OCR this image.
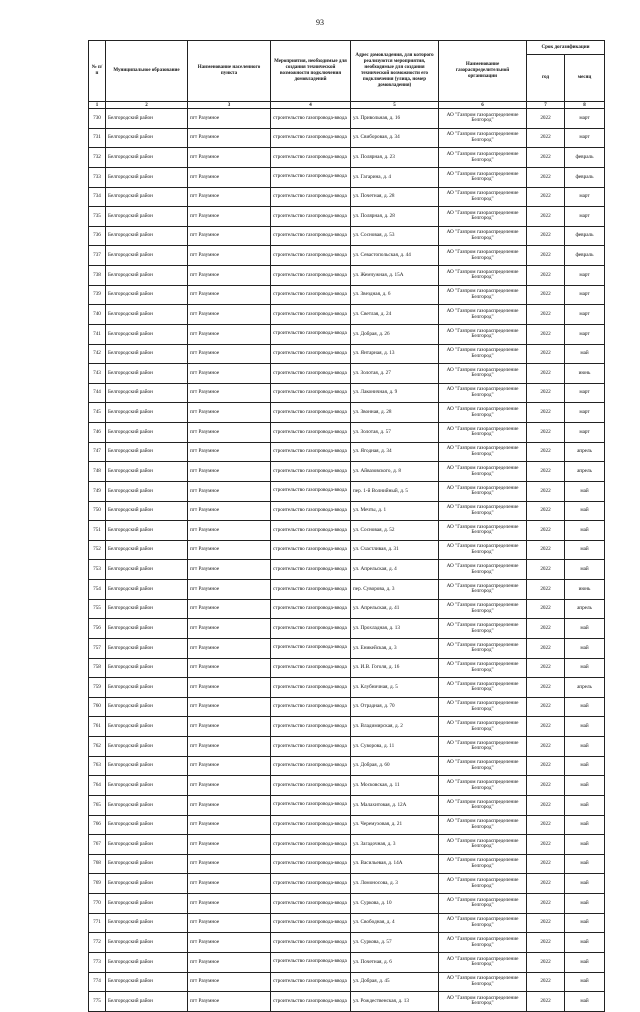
93
№ п/п	Муниципальное образование	Наименование населенного пункта	Мероприятия, необходимые для создания технической возможности подключения домовладений	Адрес домовладения, для которого реализуются мероприятия, необходимые для создания технической возможности его подключения (улица, номер домовладения)	Наименование газораспределительной организации	Срок догазификации	
						год	месяц
1	2	3	4	5	6	7	8
730	Белгородский район	пгт Разумное	строительство газопровода-ввода	ул. Привольная, д. 16	АО "Газпром газораспределение Белгород"	2022	март
731	Белгородский район	пгт Разумное	строительство газопровода-ввода	ул. Свиборовая, д. 34	АО "Газпром газораспределение Белгород"	2022	март
732	Белгородский район	пгт Разумное	строительство газопровода-ввода	ул. Полярная, д. 23	АО "Газпром газораспределение Белгород"	2022	февраль
733	Белгородский район	пгт Разумное	строительство газопровода-ввода	ул. Гагарина, д. 4	АО "Газпром газораспределение Белгород"	2022	февраль
734	Белгородский район	пгт Разумное	строительство газопровода-ввода	ул. Почетная, д. 28	АО "Газпром газораспределение Белгород"	2022	март
735	Белгородский район	пгт Разумное	строительство газопровода-ввода	ул. Полярная, д. 28	АО "Газпром газораспределение Белгород"	2022	март
736	Белгородский район	пгт Разумное	строительство газопровода-ввода	ул. Сосновая, д. 53	АО "Газпром газораспределение Белгород"	2022	февраль
737	Белгородский район	пгт Разумное	строительство газопровода-ввода	ул. Севастопольская, д. 44	АО "Газпром газораспределение Белгород"	2022	февраль
738	Белгородский район	пгт Разумное	строительство газопровода-ввода	ул. Жемчужная, д. 15А	АО "Газпром газораспределение Белгород"	2022	март
739	Белгородский район	пгт Разумное	строительство газопровода-ввода	ул. Звездная, д. 6	АО "Газпром газораспределение Белгород"	2022	март
740	Белгородский район	пгт Разумное	строительство газопровода-ввода	ул. Светлая, д. 24	АО "Газпром газораспределение Белгород"	2022	март
741	Белгородский район	пгт Разумное	строительство газопровода-ввода	ул. Добрая, д. 26	АО "Газпром газораспределение Белгород"	2022	март
742	Белгородский район	пгт Разумное	строительство газопровода-ввода	ул. Янтарная, д. 13	АО "Газпром газораспределение Белгород"	2022	май
743	Белгородский район	пгт Разумное	строительство газопровода-ввода	ул. Золотая, д. 27	АО "Газпром газораспределение Белгород"	2022	июнь
744	Белгородский район	пгт Разумное	строительство газопровода-ввода	ул. Лаконичная, д. 9	АО "Газпром газораспределение Белгород"	2022	март
745	Белгородский район	пгт Разумное	строительство газопровода-ввода	ул. Звонная, д. 28	АО "Газпром газораспределение Белгород"	2022	март
746	Белгородский район	пгт Разумное	строительство газопровода-ввода	ул. Золотая, д. 57	АО "Газпром газораспределение Белгород"	2022	март
747	Белгородский район	пгт Разумное	строительство газопровода-ввода	ул. Ягодная, д. 34	АО "Газпром газораспределение Белгород"	2022	апрель
748	Белгородский район	пгт Разумное	строительство газопровода-ввода	ул. Айвазовского, д. 8	АО "Газпром газораспределение Белгород"	2022	апрель
749	Белгородский район	пгт Разумное	строительство газопровода-ввода	пер. 1-й Волнийный, д. 5	АО "Газпром газораспределение Белгород"	2022	май
750	Белгородский район	пгт Разумное	строительство газопровода-ввода	ул. Мечты, д. 1	АО "Газпром газораспределение Белгород"	2022	май
751	Белгородский район	пгт Разумное	строительство газопровода-ввода	ул. Сосновая, д. 52	АО "Газпром газораспределение Белгород"	2022	май
752	Белгородский район	пгт Разумное	строительство газопровода-ввода	ул. Счастливая, д. 31	АО "Газпром газораспределение Белгород"	2022	май
753	Белгородский район	пгт Разумное	строительство газопровода-ввода	ул. Апрельская, д. 4	АО "Газпром газораспределение Белгород"	2022	май
754	Белгородский район	пгт Разумное	строительство газопровода-ввода	пер. Суворова, д. 3	АО "Газпром газораспределение Белгород"	2022	июнь
755	Белгородский район	пгт Разумное	строительство газопровода-ввода	ул. Апрельская, д. 41	АО "Газпром газораспределение Белгород"	2022	апрель
756	Белгородский район	пгт Разумное	строительство газопровода-ввода	ул. Прохладная, д. 13	АО "Газпром газораспределение Белгород"	2022	май
757	Белгородский район	пгт Разумное	строительство газопровода-ввода	ул. Еникейская, д. 3	АО "Газпром газораспределение Белгород"	2022	май
758	Белгородский район	пгт Разумное	строительство газопровода-ввода	ул. И.В. Гоголя, д. 16	АО "Газпром газораспределение Белгород"	2022	май
759	Белгородский район	пгт Разумное	строительство газопровода-ввода	ул. Клубничная, д. 5	АО "Газпром газораспределение Белгород"	2022	апрель
760	Белгородский район	пгт Разумное	строительство газопровода-ввода	ул. Отрадная, д. 70	АО "Газпром газораспределение Белгород"	2022	май
761	Белгородский район	пгт Разумное	строительство газопровода-ввода	ул. Владимирская, д. 2	АО "Газпром газораспределение Белгород"	2022	май
762	Белгородский район	пгт Разумное	строительство газопровода-ввода	ул. Суворова, д. 11	АО "Газпром газораспределение Белгород"	2022	май
763	Белгородский район	пгт Разумное	строительство газопровода-ввода	ул. Добрая, д. 60	АО "Газпром газораспределение Белгород"	2022	май
764	Белгородский район	пгт Разумное	строительство газопровода-ввода	ул. Московская, д. 11	АО "Газпром газораспределение Белгород"	2022	май
765	Белгородский район	пгт Разумное	строительство газопровода-ввода	ул. Малахитовая, д. 12А	АО "Газпром газораспределение Белгород"	2022	май
766	Белгородский район	пгт Разумное	строительство газопровода-ввода	ул. Черемуховая, д. 21	АО "Газпром газораспределение Белгород"	2022	май
767	Белгородский район	пгт Разумное	строительство газопровода-ввода	ул. Загадочная, д. 3	АО "Газпром газораспределение Белгород"	2022	май
768	Белгородский район	пгт Разумное	строительство газопровода-ввода	ул. Васильевая, д. 14А	АО "Газпром газораспределение Белгород"	2022	май
769	Белгородский район	пгт Разумное	строительство газопровода-ввода	ул. Ломоносова, д. 3	АО "Газпром газораспределение Белгород"	2022	май
770	Белгородский район	пгт Разумное	строительство газопровода-ввода	ул. Суркова, д. 10	АО "Газпром газораспределение Белгород"	2022	май
771	Белгородский район	пгт Разумное	строительство газопровода-ввода	ул. Свободная, д. 4	АО "Газпром газораспределение Белгород"	2022	май
772	Белгородский район	пгт Разумное	строительство газопровода-ввода	ул. Суркова, д. 57	АО "Газпром газораспределение Белгород"	2022	май
773	Белгородский район	пгт Разумное	строительство газопровода-ввода	ул. Почетная, д. 6	АО "Газпром газораспределение Белгород"	2022	май
774	Белгородский район	пгт Разумное	строительство газопровода-ввода	ул. Добрая, д. 45	АО "Газпром газораспределение Белгород"	2022	май
775	Белгородский район	пгт Разумное	строительство газопровода-ввода	ул. Рождественская, д. 13	АО "Газпром газораспределение Белгород"	2022	май
